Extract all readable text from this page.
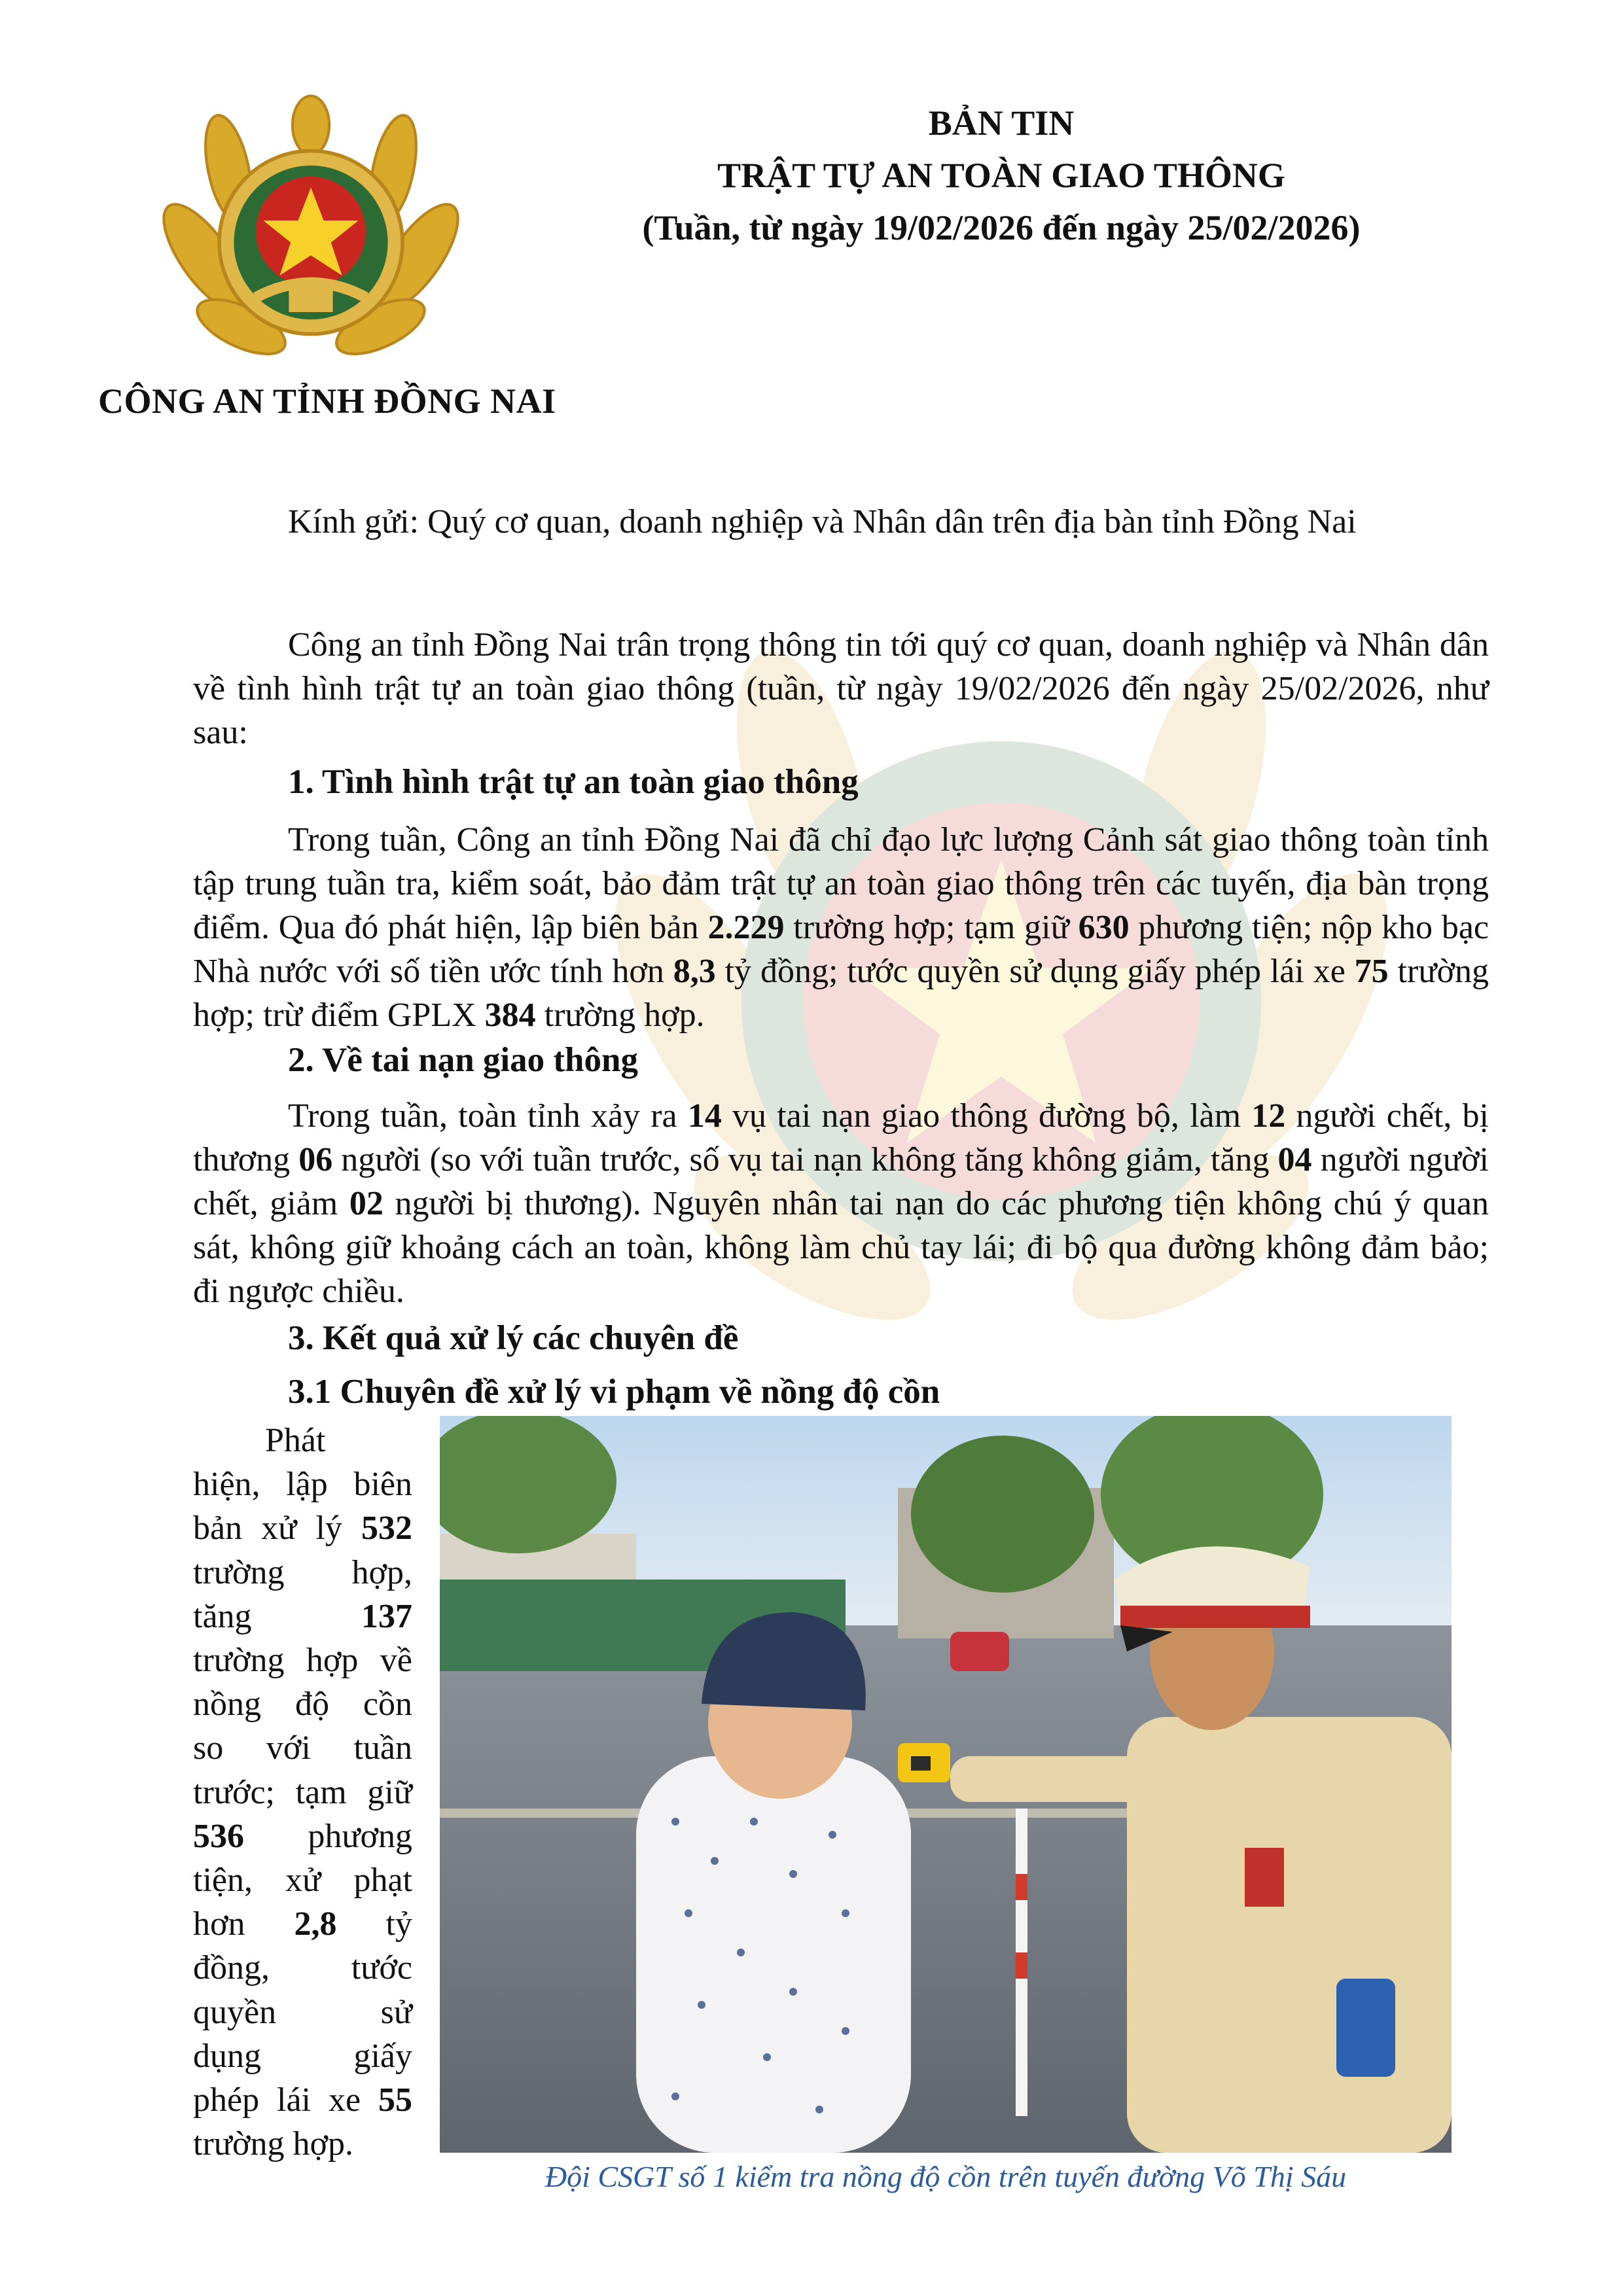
CÔNG AN TỈNH ĐỒNG NAI
BẢN TIN
TRẬT TỰ AN TOÀN GIAO THÔNG
(Tuần, từ ngày 19/02/2026 đến ngày 25/02/2026)
Kính gửi: Quý cơ quan, doanh nghiệp và Nhân dân trên địa bàn tỉnh Đồng Nai
Công an tỉnh Đồng Nai trân trọng thông tin tới quý cơ quan, doanh nghiệp và Nhân dân về tình hình trật tự an toàn giao thông (tuần, từ ngày 19/02/2026 đến ngày 25/02/2026, như sau:
1. Tình hình trật tự an toàn giao thông
Trong tuần, Công an tỉnh Đồng Nai đã chỉ đạo lực lượng Cảnh sát giao thông toàn tỉnh tập trung tuần tra, kiểm soát, bảo đảm trật tự an toàn giao thông trên các tuyến, địa bàn trọng điểm. Qua đó phát hiện, lập biên bản 2.229 trường hợp; tạm giữ 630 phương tiện; nộp kho bạc Nhà nước với số tiền ước tính hơn 8,3 tỷ đồng; tước quyền sử dụng giấy phép lái xe 75 trường hợp; trừ điểm GPLX 384 trường hợp.
2. Về tai nạn giao thông
Trong tuần, toàn tỉnh xảy ra 14 vụ tai nạn giao thông đường bộ, làm 12 người chết, bị thương 06 người (so với tuần trước, số vụ tai nạn không tăng không giảm, tăng 04 người người chết, giảm 02 người bị thương). Nguyên nhân tai nạn do các phương tiện không chú ý quan sát, không giữ khoảng cách an toàn, không làm chủ tay lái; đi bộ qua đường không đảm bảo; đi ngược chiều.
3. Kết quả xử lý các chuyên đề
3.1 Chuyên đề xử lý vi phạm về nồng độ cồn
Phát
hiện, lập biên
bản xử lý 532
trường hợp,
tăng	137
trường hợp về
nồng độ cồn
so với tuần
trước; tạm giữ
536 phương
tiện, xử phạt
hơn 2,8 tỷ
đồng, tước
quyền	sử
dụng	giấy
phép lái xe 55
trường hợp.
Đội CSGT số 1 kiểm tra nồng độ cồn trên tuyến đường Võ Thị Sáu
